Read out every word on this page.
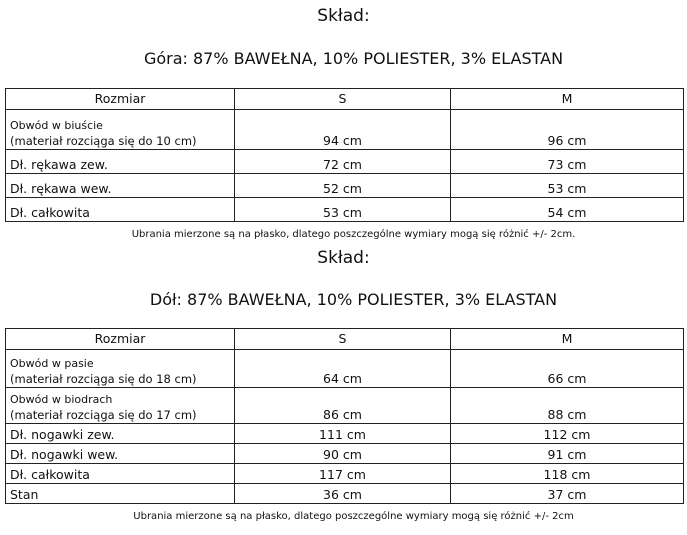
Skład:
Góra: 87% BAWEŁNA, 10% POLIESTER, 3% ELASTAN
Rozmiar	S	M

Obwód w biuście
(materiał rozciąga się do 10 cm)	94 cm	96 cm
Dł. rękawa zew.	72 cm	73 cm
Dł. rękawa wew.	52 cm	53 cm
Dł. całkowita	53 cm	54 cm
Ubrania mierzone są na płasko, dlatego poszczególne wymiary mogą się różnić +/- 2cm.
Skład:
Dół: 87% BAWEŁNA, 10% POLIESTER, 3% ELASTAN
Rozmiar	S	M

Obwód w pasie
(materiał rozciąga się do 18 cm)	64 cm	66 cm

Obwód w biodrach
(materiał rozciąga się do 17 cm)	86 cm	88 cm
Dł. nogawki zew.	111 cm	112 cm
Dł. nogawki wew.	90 cm	91 cm
Dł. całkowita	117 cm	118 cm
Stan	36 cm	37 cm
Ubrania mierzone są na płasko, dlatego poszczególne wymiary mogą się różnić +/- 2cm
